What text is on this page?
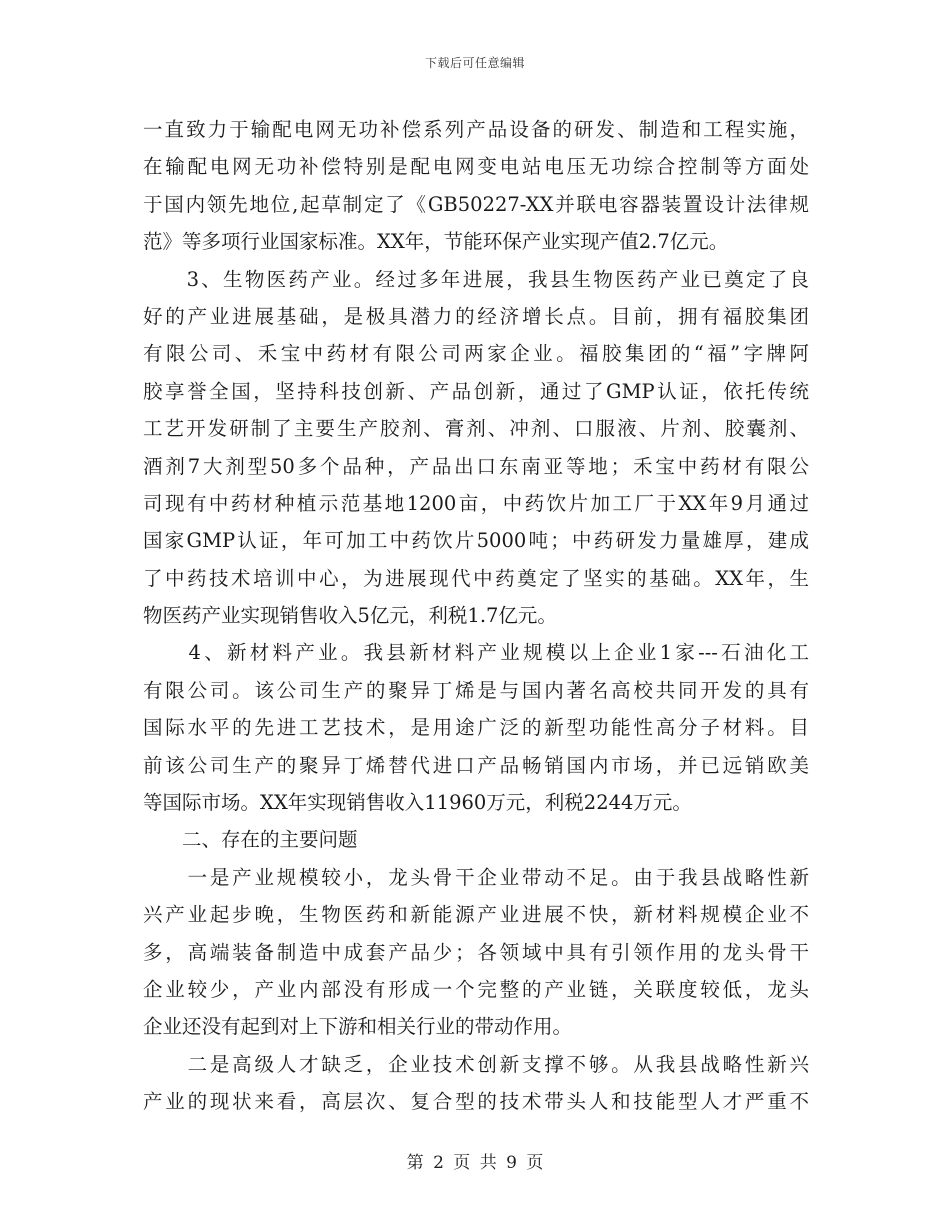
下载后可任意编辑
一直致力于输配电网无功补偿系列产品设备的研发、制造和工程实施，
在输配电网无功补偿特别是配电网变电站电压无功综合控制等方面处
于国内领先地位,起草制定了《GB50227-XX并联电容器装置设计法律规
范》等多项行业国家标准。XX年，节能环保产业实现产值2.7亿元。
　　3、生物医药产业。经过多年进展，我县生物医药产业已奠定了良
好的产业进展基础，是极具潜力的经济增长点。目前，拥有福胶集团
有限公司、禾宝中药材有限公司两家企业。福胶集团的“福”字牌阿
胶享誉全国，坚持科技创新、产品创新，通过了GMP认证，依托传统
工艺开发研制了主要生产胶剂、膏剂、冲剂、口服液、片剂、胶囊剂、
酒剂7大剂型50多个品种，产品出口东南亚等地；禾宝中药材有限公
司现有中药材种植示范基地1200亩，中药饮片加工厂于XX年9月通过
国家GMP认证，年可加工中药饮片5000吨；中药研发力量雄厚，建成
了中药技术培训中心，为进展现代中药奠定了坚实的基础。XX年，生
物医药产业实现销售收入5亿元，利税1.7亿元。
　　4、新材料产业。我县新材料产业规模以上企业1家---石油化工
有限公司。该公司生产的聚异丁烯是与国内著名高校共同开发的具有
国际水平的先进工艺技术，是用途广泛的新型功能性高分子材料。目
前该公司生产的聚异丁烯替代进口产品畅销国内市场，并已远销欧美
等国际市场。XX年实现销售收入11960万元，利税2244万元。
　　二、存在的主要问题
　　一是产业规模较小，龙头骨干企业带动不足。由于我县战略性新
兴产业起步晚，生物医药和新能源产业进展不快，新材料规模企业不
多，高端装备制造中成套产品少；各领域中具有引领作用的龙头骨干
企业较少，产业内部没有形成一个完整的产业链，关联度较低，龙头
企业还没有起到对上下游和相关行业的带动作用。
　　二是高级人才缺乏，企业技术创新支撑不够。从我县战略性新兴
产业的现状来看，高层次、复合型的技术带头人和技能型人才严重不
第 2 页 共 9 页
